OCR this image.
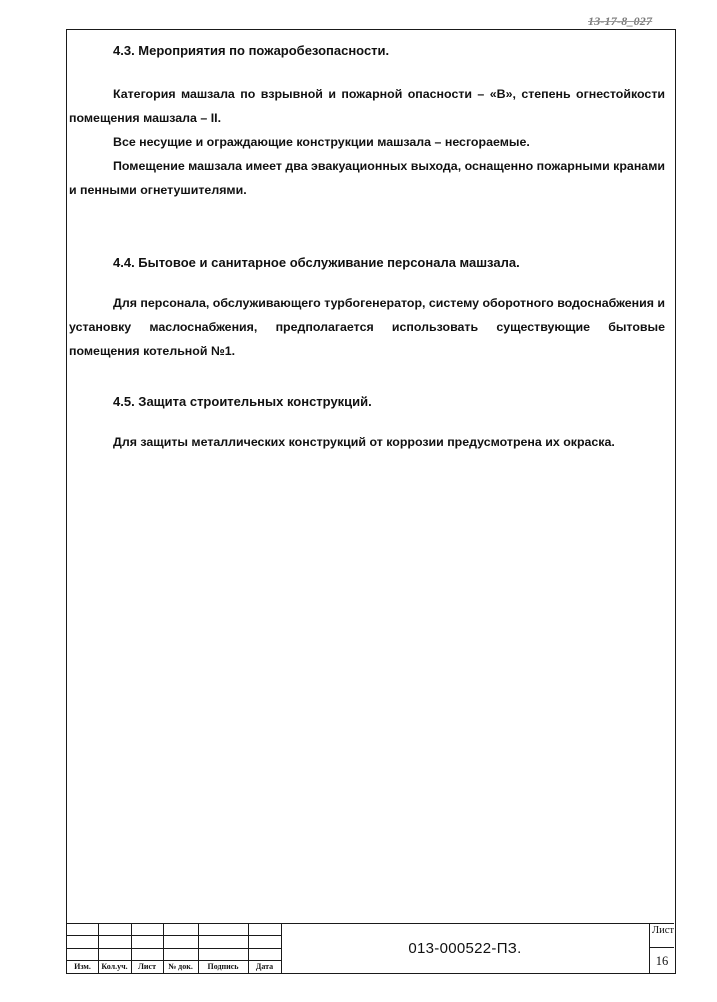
13-17-8_027
4.3. Мероприятия по пожаробезопасности.
Категория машзала по взрывной и пожарной опасности – «В», степень огнестойкости помещения машзала – II.
Все несущие и ограждающие конструкции машзала – несгораемые.
Помещение машзала имеет два эвакуационных выхода, оснащенно пожарными кранами и пенными огнетушителями.
4.4. Бытовое и санитарное обслуживание персонала машзала.
Для персонала, обслуживающего турбогенератор, систему оборотного водоснабжения и установку маслоснабжения, предполагается использовать существующие бытовые помещения котельной №1.
4.5. Защита строительных конструкций.
Для защиты металлических конструкций от коррозии предусмотрена их окраска.
Изм.	Кол.уч.	Лист	№ док.	Подпись	Дата
013-000522-ПЗ.
Лист
16
